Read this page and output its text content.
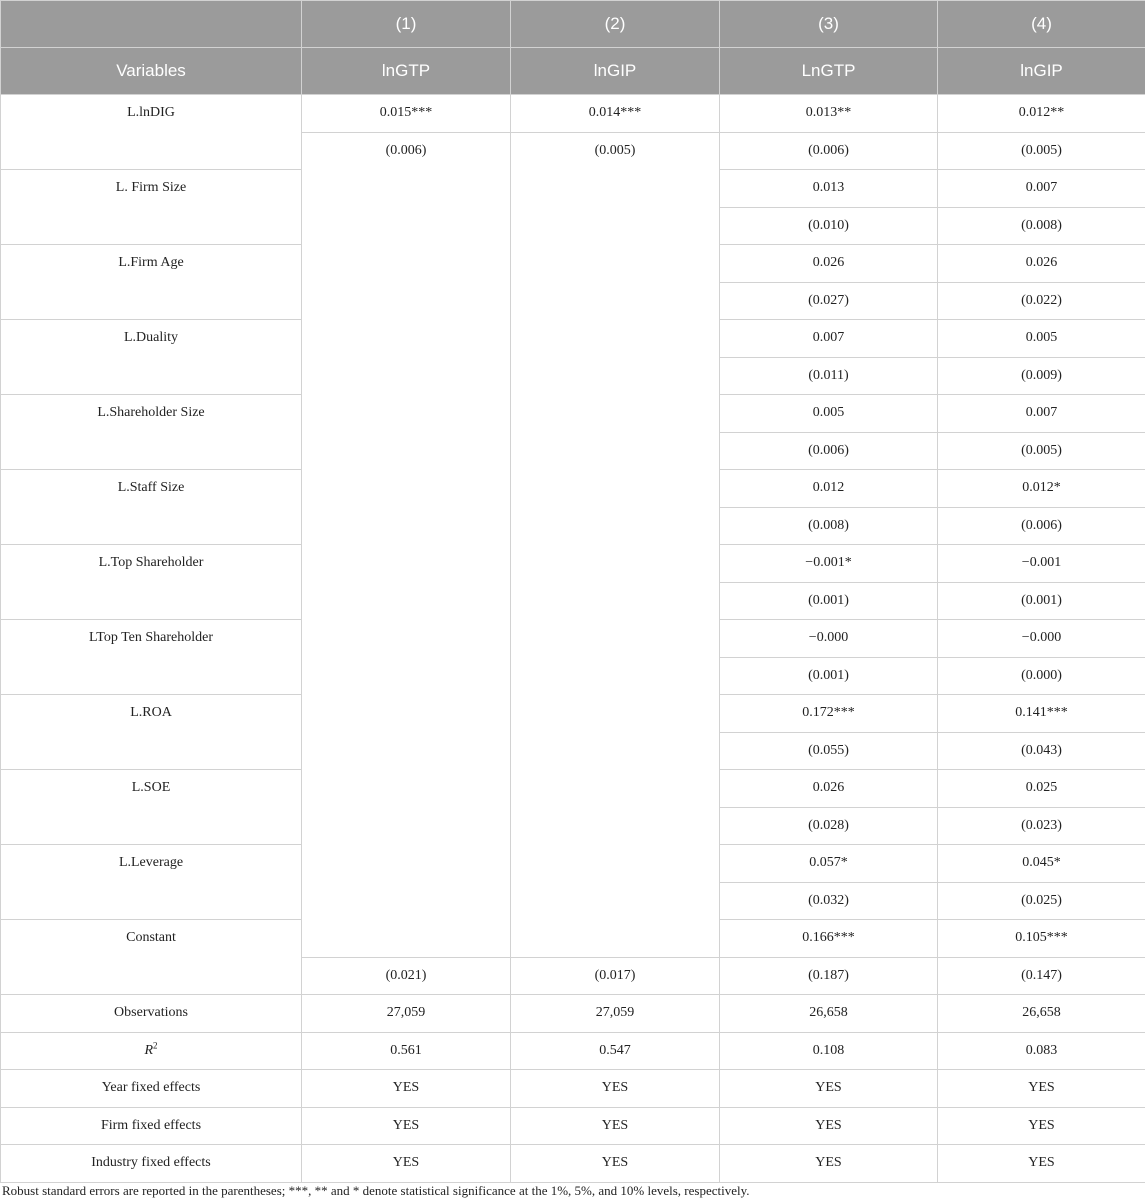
	(1)	(2)	(3)	(4)	
Variables	lnGTP	lnGIP	LnGTP	lnGIP	
L.lnDIG	0.015***	0.014***	0.013**	0.012**	
	(0.006)	(0.005)	(0.006)	(0.005)	
L. Firm Size			0.013	0.007	
			(0.010)	(0.008)	
L.Firm Age			0.026	0.026	
			(0.027)	(0.022)	
L.Duality			0.007	0.005	
			(0.011)	(0.009)	
L.Shareholder Size			0.005	0.007	
			(0.006)	(0.005)	
L.Staff Size			0.012	0.012*	
			(0.008)	(0.006)	
L.Top Shareholder			−0.001*	−0.001	
			(0.001)	(0.001)	
LTop Ten Shareholder			−0.000	−0.000	
			(0.001)	(0.000)	
L.ROA			0.172***	0.141***	
			(0.055)	(0.043)	
L.SOE			0.026	0.025	
			(0.028)	(0.023)	
L.Leverage			0.057*	0.045*	
			(0.032)	(0.025)	
Constant			0.166***	0.105***		
	(0.021)	(0.017)	(0.187)	(0.147)	
Observations	27,059	27,059	26,658	26,658	
$R^2$	0.561	0.547	0.108	0.083	
Year fixed effects	YES	YES	YES	YES	
Firm fixed effects	YES	YES	YES	YES	
Industry fixed effects	YES	YES	YES	YES	
Robust standard errors are reported in the parentheses; ***, ** and * denote statistical significance at the 1%, 5%, and 10% levels, respectively.
